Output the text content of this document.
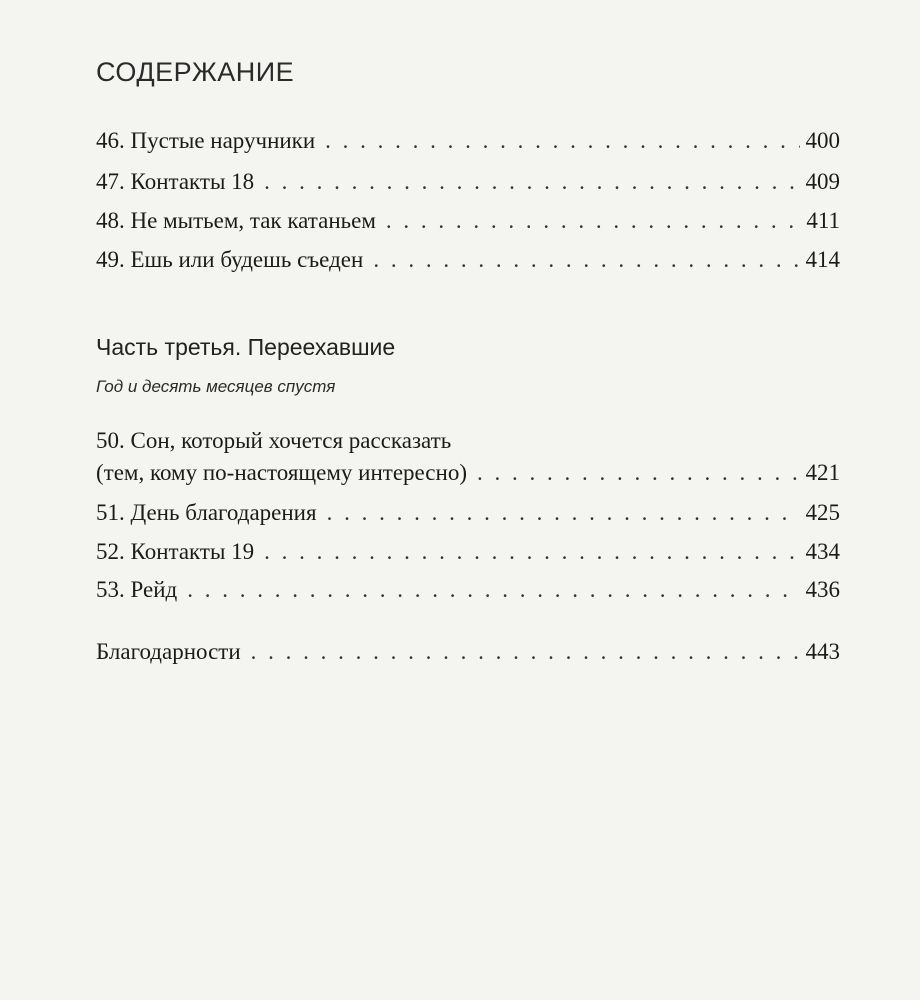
СОДЕРЖАНИЕ
46. Пустые наручники . . .	400
47. Контакты 18 . . .	409
48. Не мытьем, так катаньем . . .	411
49. Ешь или будешь съеден . . .	414
Часть третья. Переехавшие
Год и десять месяцев спустя
50. Сон, который хочется рассказать
(тем, кому по-настоящему интересно) . . .	421
51. День благодарения . . .	425
52. Контакты 19 . . .	434
53. Рейд . . .	436
Благодарности . . .	443
